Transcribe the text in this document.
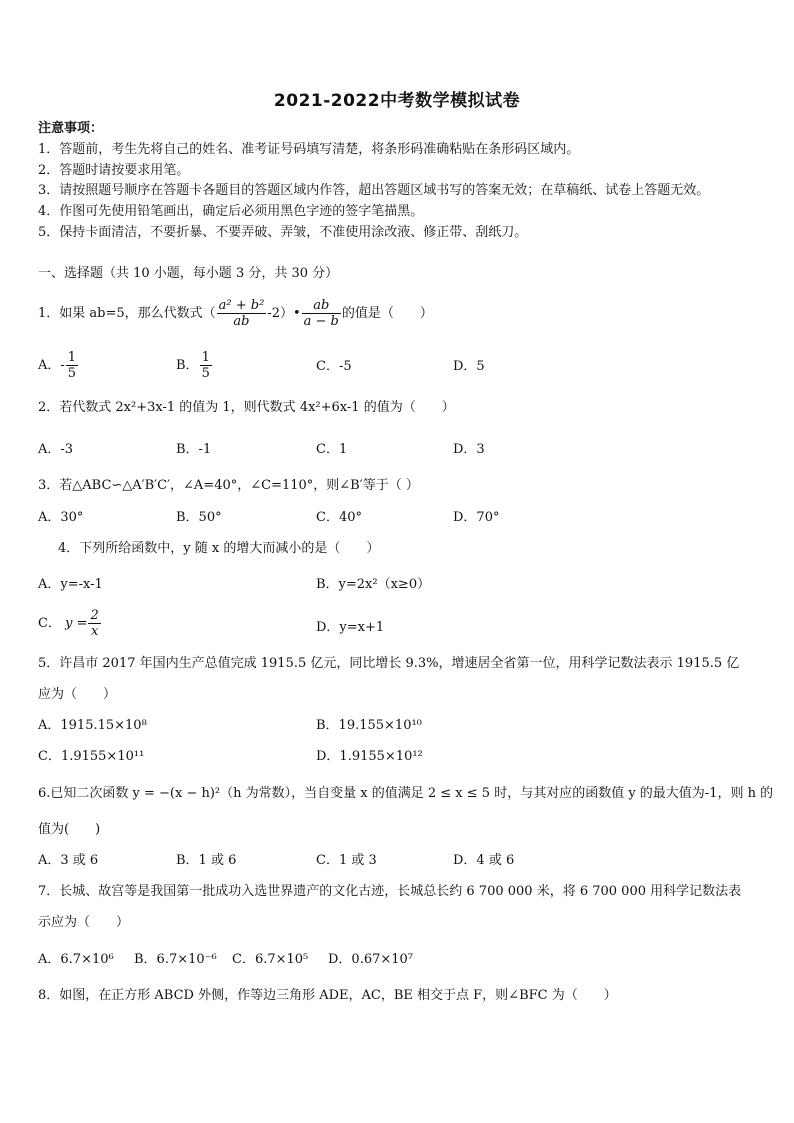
2021-2022中考数学模拟试卷
注意事项：
1．答题前，考生先将自己的姓名、准考证号码填写清楚，将条形码准确粘贴在条形码区域内。
2．答题时请按要求用笔。
3．请按照题号顺序在答题卡各题目的答题区域内作答，超出答题区域书写的答案无效；在草稿纸、试卷上答题无效。
4．作图可先使用铅笔画出，确定后必须用黑色字迹的签字笔描黑。
5．保持卡面清洁，不要折暴、不要弄破、弄皱，不准使用涂改液、修正带、刮纸刀。
一、选择题（共 10 小题，每小题 3 分，共 30 分）
1．如果 ab=5，那么代数式（ $\frac{\text{a² + b²}}{ab}$ -2）• $\frac{ab}{a - b}$ 的值是（　　）
A．- $\frac{1}{5}$	B． $\frac{1}{5}$	C．-5	D．5
2．若代数式 2x²+3x-1 的值为 1，则代数式 4x²+6x-1 的值为（　　）
A．-3	B．-1	C．1	D．3
3．若△ABC∽△A′B′C′，∠A=40°，∠C=110°，则∠B′等于（ ）
A．30°	B．50°	C．40°	D．70°
4．下列所给函数中，y 随 x 的增大而减小的是（　　）
A．y=-x-1	B．y=2x²（x≥0）
C． $y = \frac{2}{x}$	D．y=x+1
5．许昌市 2017 年国内生产总值完成 1915.5 亿元，同比增长 9.3%，增速居全省第一位，用科学记数法表示 1915.5 亿
应为（　　）
A．1915.15×10⁸	B．19.155×10¹⁰
C．1.9155×10¹¹	D．1.9155×10¹²
6.已知二次函数 y = −(x − h)²（h 为常数），当自变量 x 的值满足 2 ≤ x ≤ 5 时，与其对应的函数值 y 的最大值为-1，则 h 的
值为(　　)
A．3 或 6	B．1 或 6	C．1 或 3	D．4 或 6
7．长城、故宫等是我国第一批成功入选世界遗产的文化古迹，长城总长约 6 700 000 米，将 6 700 000 用科学记数法表
示应为（　　）
A．6.7×10⁶ B．6.7×10⁻⁶ C．6.7×10⁵ D．0.67×10⁷
8．如图，在正方形 ABCD 外侧，作等边三角形 ADE，AC，BE 相交于点 F，则∠BFC 为（　　）
